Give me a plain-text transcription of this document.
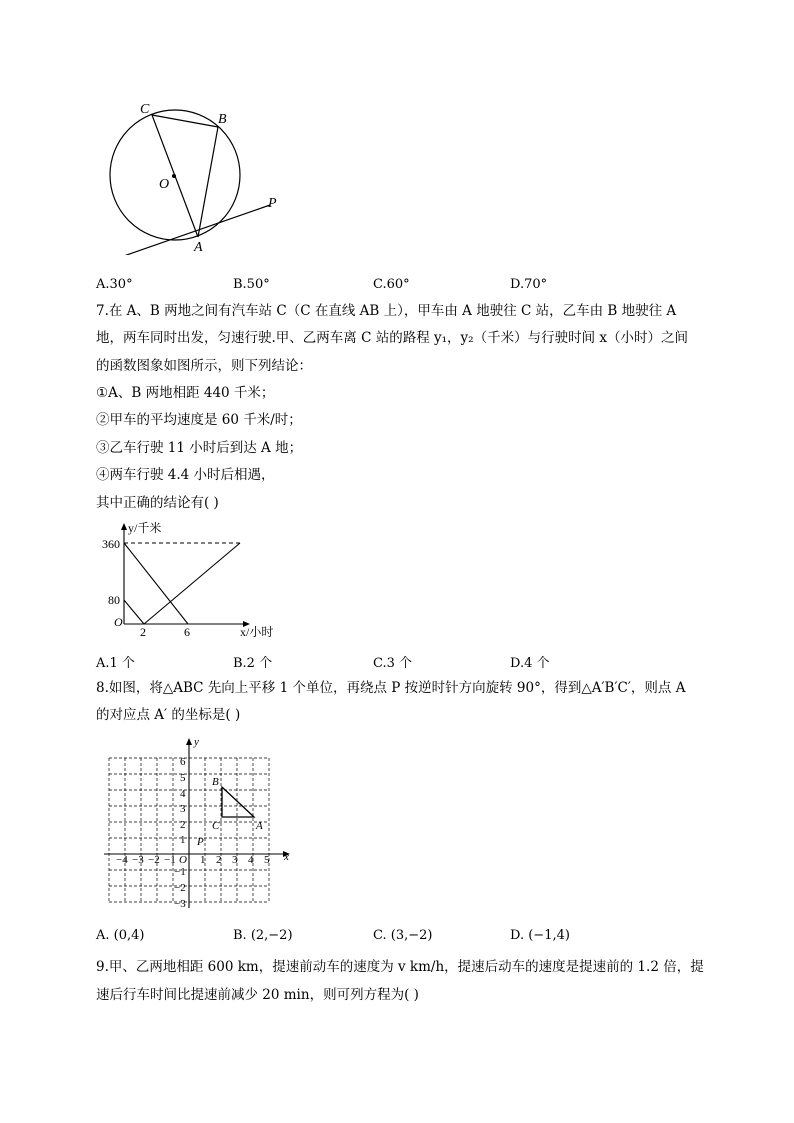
C
B
O
A
P
A.30°	B.50°	C.60°	D.70°
7.在 A、B 两地之间有汽车站 C（C 在直线 AB 上），甲车由 A 地驶往 C 站，乙车由 B 地驶往 A
地，两车同时出发，匀速行驶.甲、乙两车离 C 站的路程 y₁，y₂（千米）与行驶时间 x（小时）之间
的函数图象如图所示，则下列结论：
①A、B 两地相距 440 千米；
②甲车的平均速度是 60 千米/时；
③乙车行驶 11 小时后到达 A 地；
④两车行驶 4.4 小时后相遇，
其中正确的结论有( )
y/千米
360
80
O
2	6	x/小时
A.1 个	B.2 个	C.3 个	D.4 个
8.如图，将△ABC 先向上平移 1 个单位，再绕点 P 按逆时针方向旋转 90°，得到△A′B′C′，则点 A
的对应点 A′ 的坐标是( )
x
y
O
−4 −3 −2 −1 1 2 3 4 5
6
5
4
3
2
1
−1
−2
−3
B
C	A
P
A. (0,4)	B. (2,−2)	C. (3,−2)	D. (−1,4)
9.甲、乙两地相距 600 km，提速前动车的速度为 v km/h，提速后动车的速度是提速前的 1.2 倍，提
速后行车时间比提速前减少 20 min，则可列方程为( )
